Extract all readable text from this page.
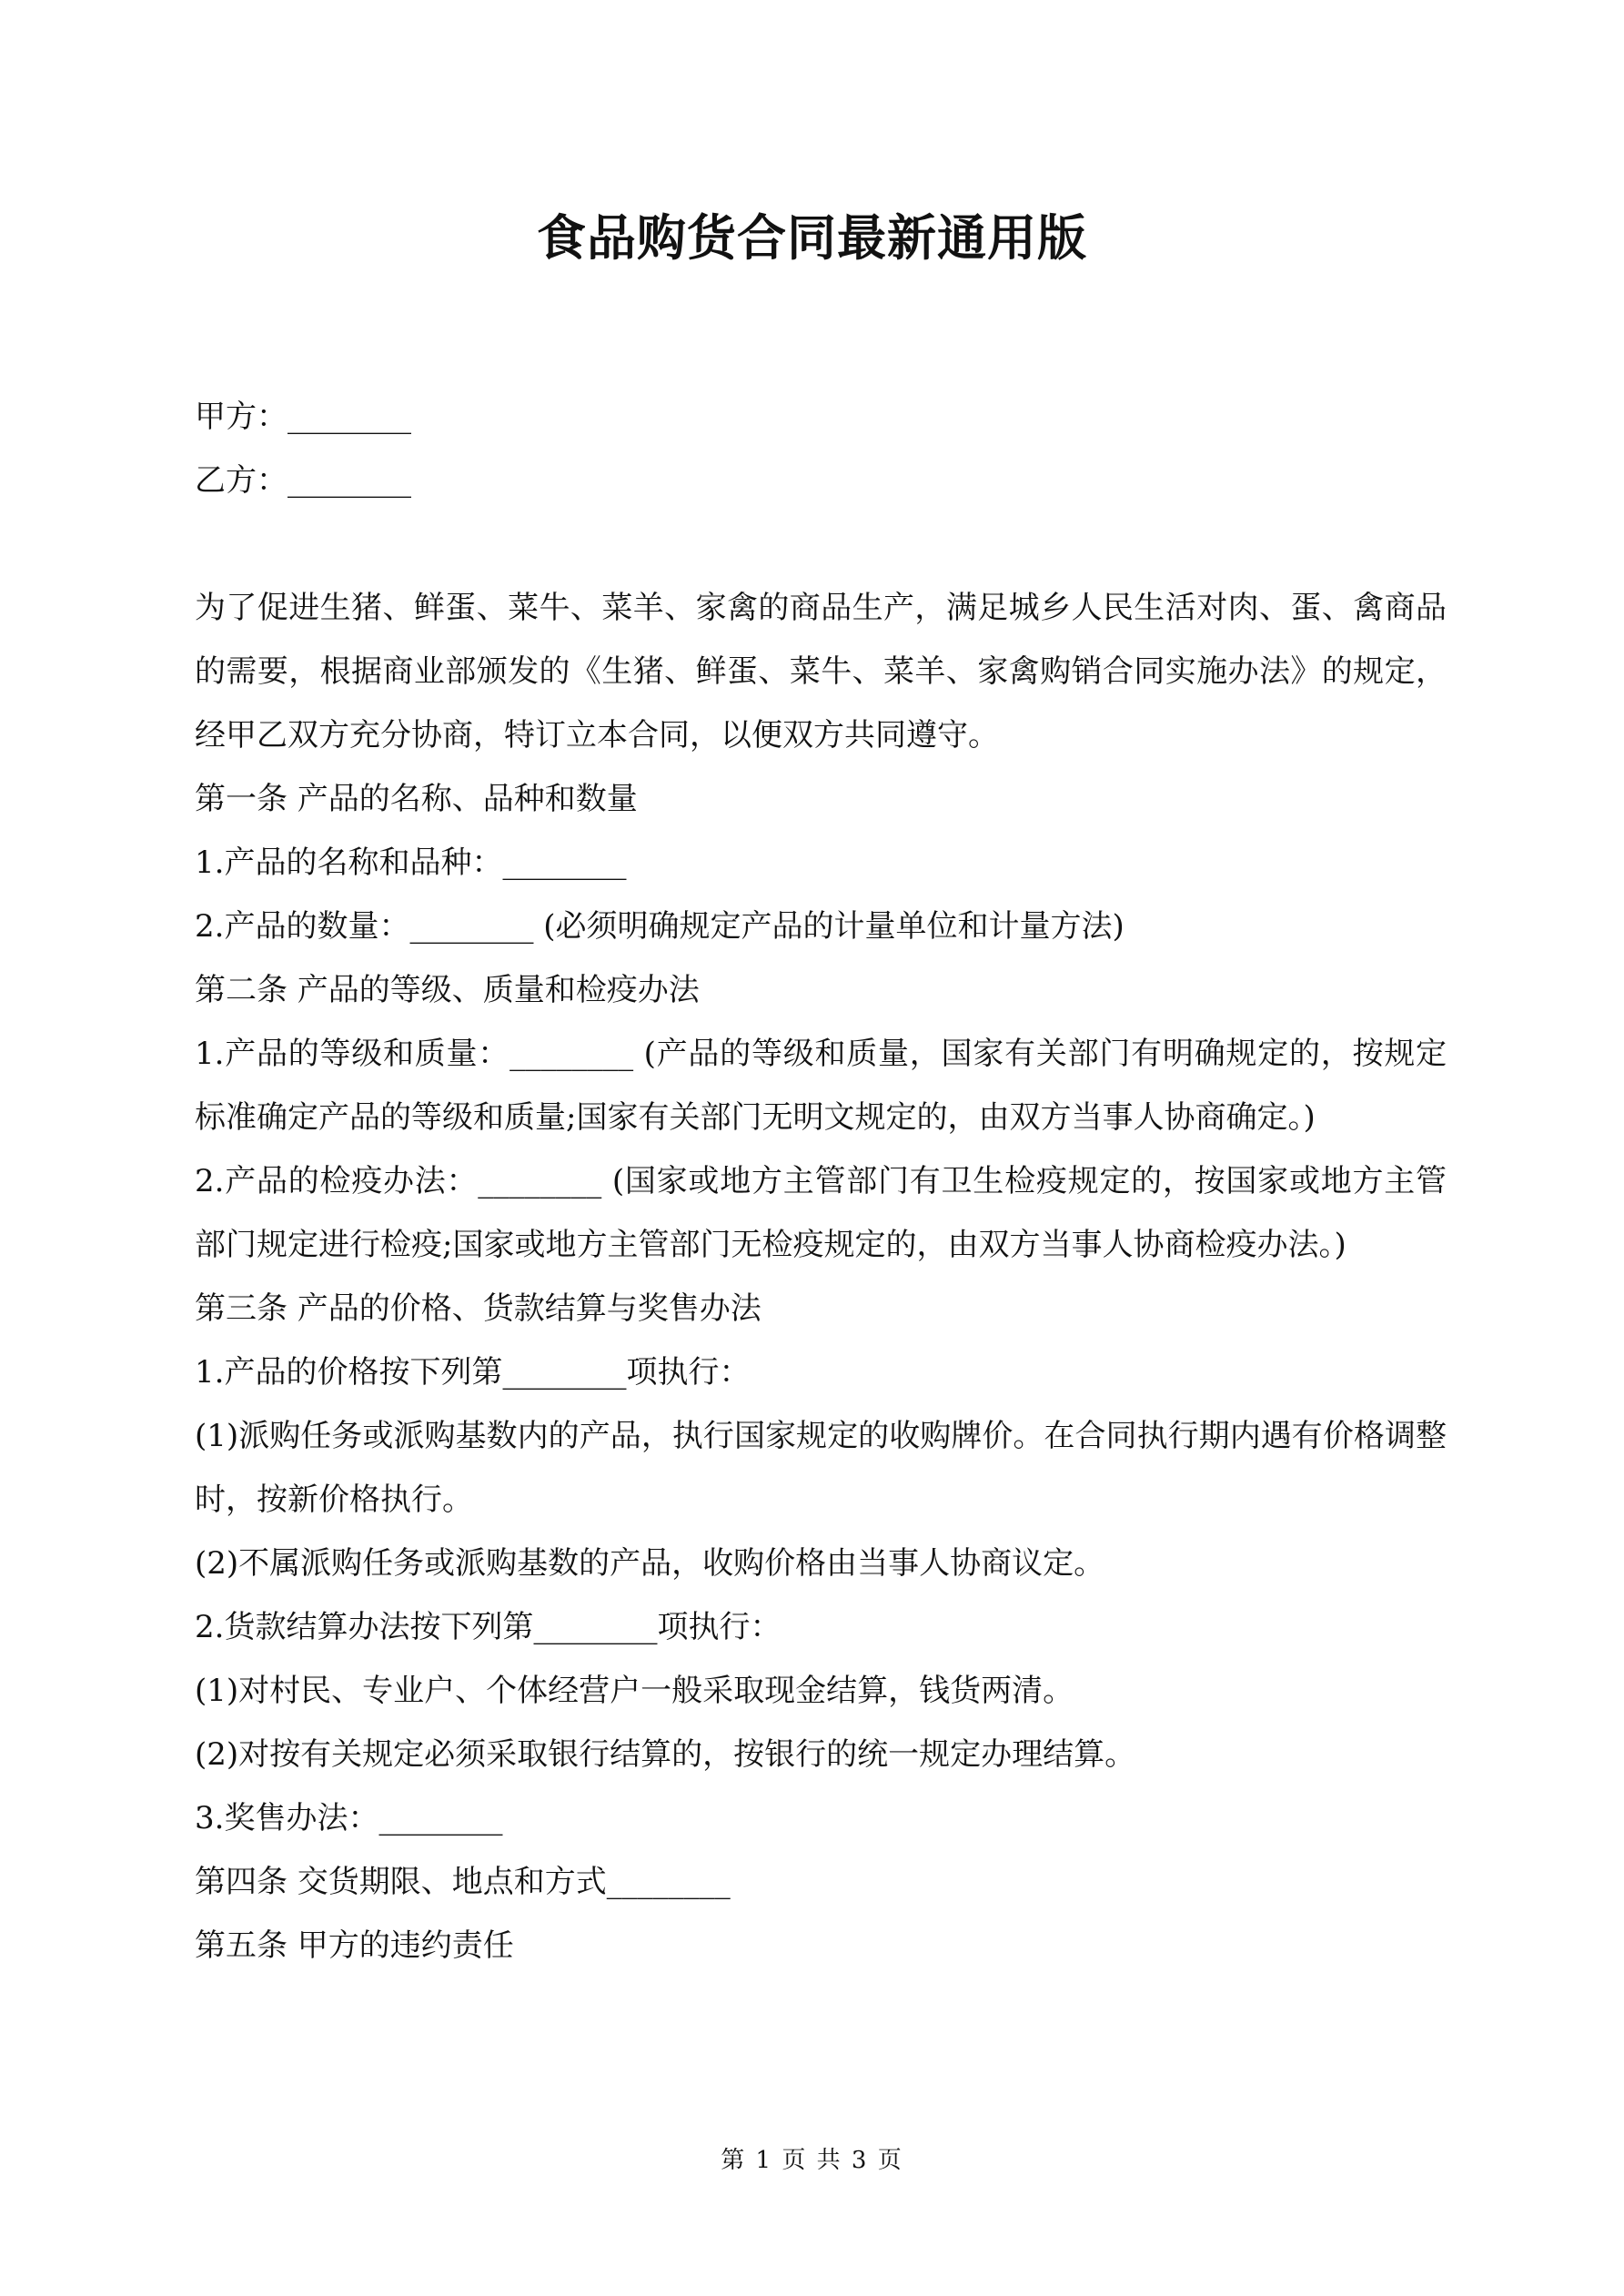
食品购货合同最新通用版

甲方：________

乙方：________

为了促进生猪、鲜蛋、菜牛、菜羊、家禽的商品生产，满足城乡人民生活对肉、蛋、禽商品的需要，根据商业部颁发的《生猪、鲜蛋、菜牛、菜羊、家禽购销合同实施办法》的规定，经甲乙双方充分协商，特订立本合同，以便双方共同遵守。

第一条 产品的名称、品种和数量

1.产品的名称和品种：________

2.产品的数量：________ (必须明确规定产品的计量单位和计量方法)

第二条 产品的等级、质量和检疫办法

1.产品的等级和质量：________ (产品的等级和质量，国家有关部门有明确规定的，按规定标准确定产品的等级和质量;国家有关部门无明文规定的，由双方当事人协商确定。)

2.产品的检疫办法：________ (国家或地方主管部门有卫生检疫规定的，按国家或地方主管部门规定进行检疫;国家或地方主管部门无检疫规定的，由双方当事人协商检疫办法。)

第三条 产品的价格、货款结算与奖售办法

1.产品的价格按下列第________项执行：

(1)派购任务或派购基数内的产品，执行国家规定的收购牌价。在合同执行期内遇有价格调整时，按新价格执行。

(2)不属派购任务或派购基数的产品，收购价格由当事人协商议定。

2.货款结算办法按下列第________项执行：

(1)对村民、专业户、个体经营户一般采取现金结算，钱货两清。

(2)对按有关规定必须采取银行结算的，按银行的统一规定办理结算。

3.奖售办法：________

第四条 交货期限、地点和方式________

第五条 甲方的违约责任

第 1 页 共 3 页
